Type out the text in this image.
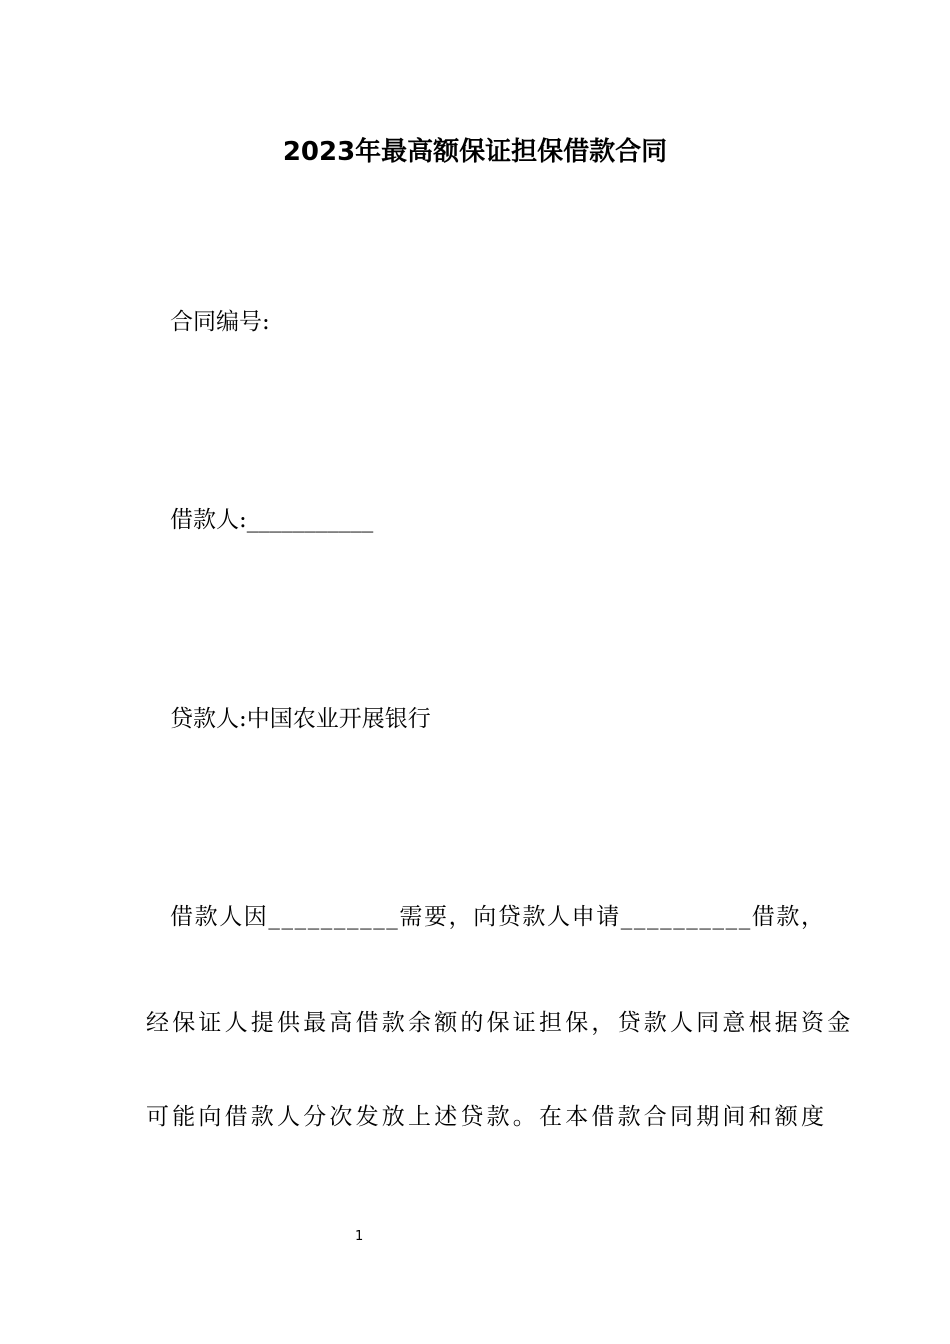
2023年最高额保证担保借款合同
合同编号:
借款人:___________
贷款人:中国农业开展银行
借款人因__________需要，向贷款人申请__________借款，
经保证人提供最高借款余额的保证担保，贷款人同意根据资金
可能向借款人分次发放上述贷款。在本借款合同期间和额度
1
